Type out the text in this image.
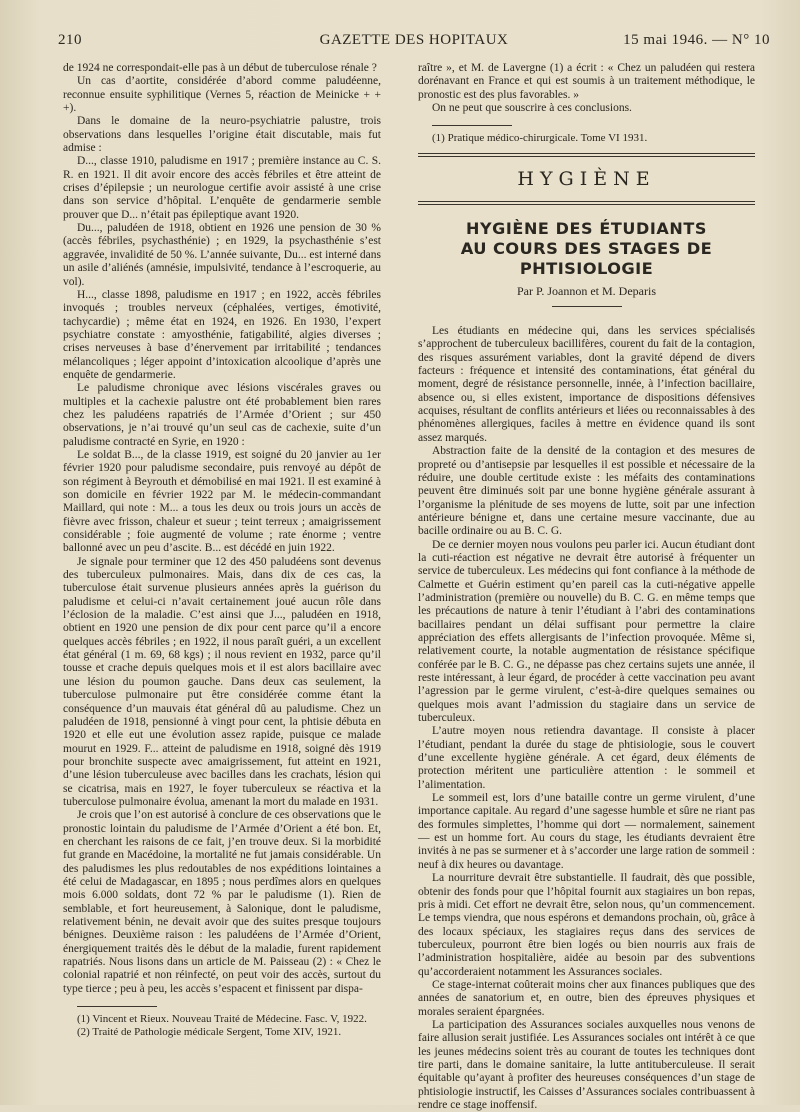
210	GAZETTE DES HOPITAUX	15 mai 1946. — N° 10

de 1924 ne correspondait-elle pas à un début de tuberculose rénale ?

Un cas d’aortite, considérée d’abord comme paludéenne, reconnue ensuite syphilitique (Vernes 5, réaction de Meinicke + + +).

Dans le domaine de la neuro-psychiatrie palustre, trois observations dans lesquelles l’origine était discutable, mais fut admise :

D..., classe 1910, paludisme en 1917 ; première instance au C. S. R. en 1921. Il dit avoir encore des accès fébriles et être atteint de crises d’épilepsie ; un neurologue certifie avoir assisté à une crise dans son service d’hôpital. L’enquête de gendarmerie semble prouver que D... n’était pas épileptique avant 1920.

Du..., paludéen de 1918, obtient en 1926 une pension de 30 % (accès fébriles, psychasthénie) ; en 1929, la psychasthénie s’est aggravée, invalidité de 50 %. L’année suivante, Du... est interné dans un asile d’aliénés (amnésie, impulsivité, tendance à l’escroquerie, au vol).

H..., classe 1898, paludisme en 1917 ; en 1922, accès fébriles invoqués ; troubles nerveux (céphalées, vertiges, émotivité, tachycardie) ; même état en 1924, en 1926. En 1930, l’expert psychiatre constate : amyosthénie, fatigabilité, algies diverses ; crises nerveuses à base d’énervement par irritabilité ; tendances mélancoliques ; léger appoint d’intoxication alcoolique d’après une enquête de gendarmerie.

Le paludisme chronique avec lésions viscérales graves ou multiples et la cachexie palustre ont été probablement bien rares chez les paludéens rapatriés de l’Armée d’Orient ; sur 450 observations, je n’ai trouvé qu’un seul cas de cachexie, suite d’un paludisme contracté en Syrie, en 1920 :

Le soldat B..., de la classe 1919, est soigné du 20 janvier au 1er février 1920 pour paludisme secondaire, puis renvoyé au dépôt de son régiment à Beyrouth et démobilisé en mai 1921. Il est examiné à son domicile en février 1922 par M. le médecin-commandant Maillard, qui note : M... a tous les deux ou trois jours un accès de fièvre avec frisson, chaleur et sueur ; teint terreux ; amaigrissement considérable ; foie augmenté de volume ; rate énorme ; ventre ballonné avec un peu d’ascite. B... est décédé en juin 1922.

Je signale pour terminer que 12 des 450 paludéens sont devenus des tuberculeux pulmonaires. Mais, dans dix de ces cas, la tuberculose était survenue plusieurs années après la guérison du paludisme et celui-ci n’avait certainement joué aucun rôle dans l’éclosion de la maladie. C’est ainsi que J..., paludéen en 1918, obtient en 1920 une pension de dix pour cent parce qu’il a encore quelques accès fébriles ; en 1922, il nous paraît guéri, a un excellent état général (1 m. 69, 68 kgs) ; il nous revient en 1932, parce qu’il tousse et crache depuis quelques mois et il est alors bacillaire avec une lésion du poumon gauche. Dans deux cas seulement, la tuberculose pulmonaire put être considérée comme étant la conséquence d’un mauvais état général dû au paludisme. Chez un paludéen de 1918, pensionné à vingt pour cent, la phtisie débuta en 1920 et elle eut une évolution assez rapide, puisque ce malade mourut en 1929. F... atteint de paludisme en 1918, soigné dès 1919 pour bronchite suspecte avec amaigrissement, fut atteint en 1921, d’une lésion tuberculeuse avec bacilles dans les crachats, lésion qui se cicatrisa, mais en 1927, le foyer tuberculeux se réactiva et la tuberculose pulmonaire évolua, amenant la mort du malade en 1931.

Je crois que l’on est autorisé à conclure de ces observations que le pronostic lointain du paludisme de l’Armée d’Orient a été bon. Et, en cherchant les raisons de ce fait, j’en trouve deux. Si la morbidité fut grande en Macédoine, la mortalité ne fut jamais considérable. Un des paludismes les plus redoutables de nos expéditions lointaines a été celui de Madagascar, en 1895 ; nous perdîmes alors en quelques mois 6.000 soldats, dont 72 % par le paludisme (1). Rien de semblable, et fort heureusement, à Salonique, dont le paludisme, relativement bénin, ne devait avoir que des suites presque toujours bénignes. Deuxième raison : les paludéens de l’Armée d’Orient, énergiquement traités dès le début de la maladie, furent rapidement rapatriés. Nous lisons dans un article de M. Paisseau (2) : « Chez le colonial rapatrié et non réinfecté, on peut voir des accès, surtout du type tierce ; peu à peu, les accès s’espacent et finissent par dispa-

(1) Vincent et Rieux. Nouveau Traité de Médecine. Fasc. V, 1922.

(2) Traité de Pathologie médicale Sergent, Tome XIV, 1921.

raître », et M. de Lavergne (1) a écrit : « Chez un paludéen qui restera dorénavant en France et qui est soumis à un traitement méthodique, le pronostic est des plus favorables. »

On ne peut que souscrire à ces conclusions.

(1) Pratique médico-chirurgicale. Tome VI 1931.

HYGIÈNE
HYGIÈNE DES ÉTUDIANTS
AU COURS DES STAGES DE PHTISIOLOGIE
Par P. Joannon et M. Deparis

Les étudiants en médecine qui, dans les services spécialisés s’approchent de tuberculeux bacillifères, courent du fait de la contagion, des risques assurément variables, dont la gravité dépend de divers facteurs : fréquence et intensité des contaminations, état général du moment, degré de résistance personnelle, innée, à l’infection bacillaire, absence ou, si elles existent, importance de dispositions défensives acquises, résultant de conflits antérieurs et liées ou reconnaissables à des phénomènes allergiques, faciles à mettre en évidence quand ils sont assez marqués.

Abstraction faite de la densité de la contagion et des mesures de propreté ou d’antisepsie par lesquelles il est possible et nécessaire de la réduire, une double certitude existe : les méfaits des contaminations peuvent être diminués soit par une bonne hygiène générale assurant à l’organisme la plénitude de ses moyens de lutte, soit par une infection antérieure bénigne et, dans une certaine mesure vaccinante, due au bacille ordinaire ou au B. C. G.

De ce dernier moyen nous voulons peu parler ici. Aucun étudiant dont la cuti-réaction est négative ne devrait être autorisé à fréquenter un service de tuberculeux. Les médecins qui font confiance à la méthode de Calmette et Guérin estiment qu’en pareil cas la cuti-négative appelle l’administration (première ou nouvelle) du B. C. G. en même temps que les précautions de nature à tenir l’étudiant à l’abri des contaminations bacillaires pendant un délai suffisant pour permettre la claire appréciation des effets allergisants de l’infection provoquée. Même si, relativement courte, la notable augmentation de résistance spécifique conférée par le B. C. G., ne dépasse pas chez certains sujets une année, il reste intéressant, à leur égard, de procéder à cette vaccination peu avant l’agression par le germe virulent, c’est-à-dire quelques semaines ou quelques mois avant l’admission du stagiaire dans un service de tuberculeux.

L’autre moyen nous retiendra davantage. Il consiste à placer l’étudiant, pendant la durée du stage de phtisiologie, sous le couvert d’une excellente hygiène générale. A cet égard, deux éléments de protection méritent une particulière attention : le sommeil et l’alimentation.

Le sommeil est, lors d’une bataille contre un germe virulent, d’une importance capitale. Au regard d’une sagesse humble et sûre ne riant pas des formules simplettes, l’homme qui dort — normalement, sainement — est un homme fort. Au cours du stage, les étudiants devraient être invités à ne pas se surmener et à s’accorder une large ration de sommeil : neuf à dix heures ou davantage.

La nourriture devrait être substantielle. Il faudrait, dès que possible, obtenir des fonds pour que l’hôpital fournit aux stagiaires un bon repas, pris à midi. Cet effort ne devrait être, selon nous, qu’un commencement. Le temps viendra, que nous espérons et demandons prochain, où, grâce à des locaux spéciaux, les stagiaires reçus dans des services de tuberculeux, pourront être bien logés ou bien nourris aux frais de l’administration hospitalière, aidée au besoin par des subventions qu’accorderaient notamment les Assurances sociales.

Ce stage-internat coûterait moins cher aux finances publiques que des années de sanatorium et, en outre, bien des épreuves physiques et morales seraient épargnées.

La participation des Assurances sociales auxquelles nous venons de faire allusion serait justifiée. Les Assurances sociales ont intérêt à ce que les jeunes médecins soient très au courant de toutes les techniques dont tire parti, dans le domaine sanitaire, la lutte antituberculeuse. Il serait équitable qu’ayant à profiter des heureuses conséquences d’un stage de phtisiologie instructif, les Caisses d’Assurances sociales contribuassent à rendre ce stage inoffensif.
